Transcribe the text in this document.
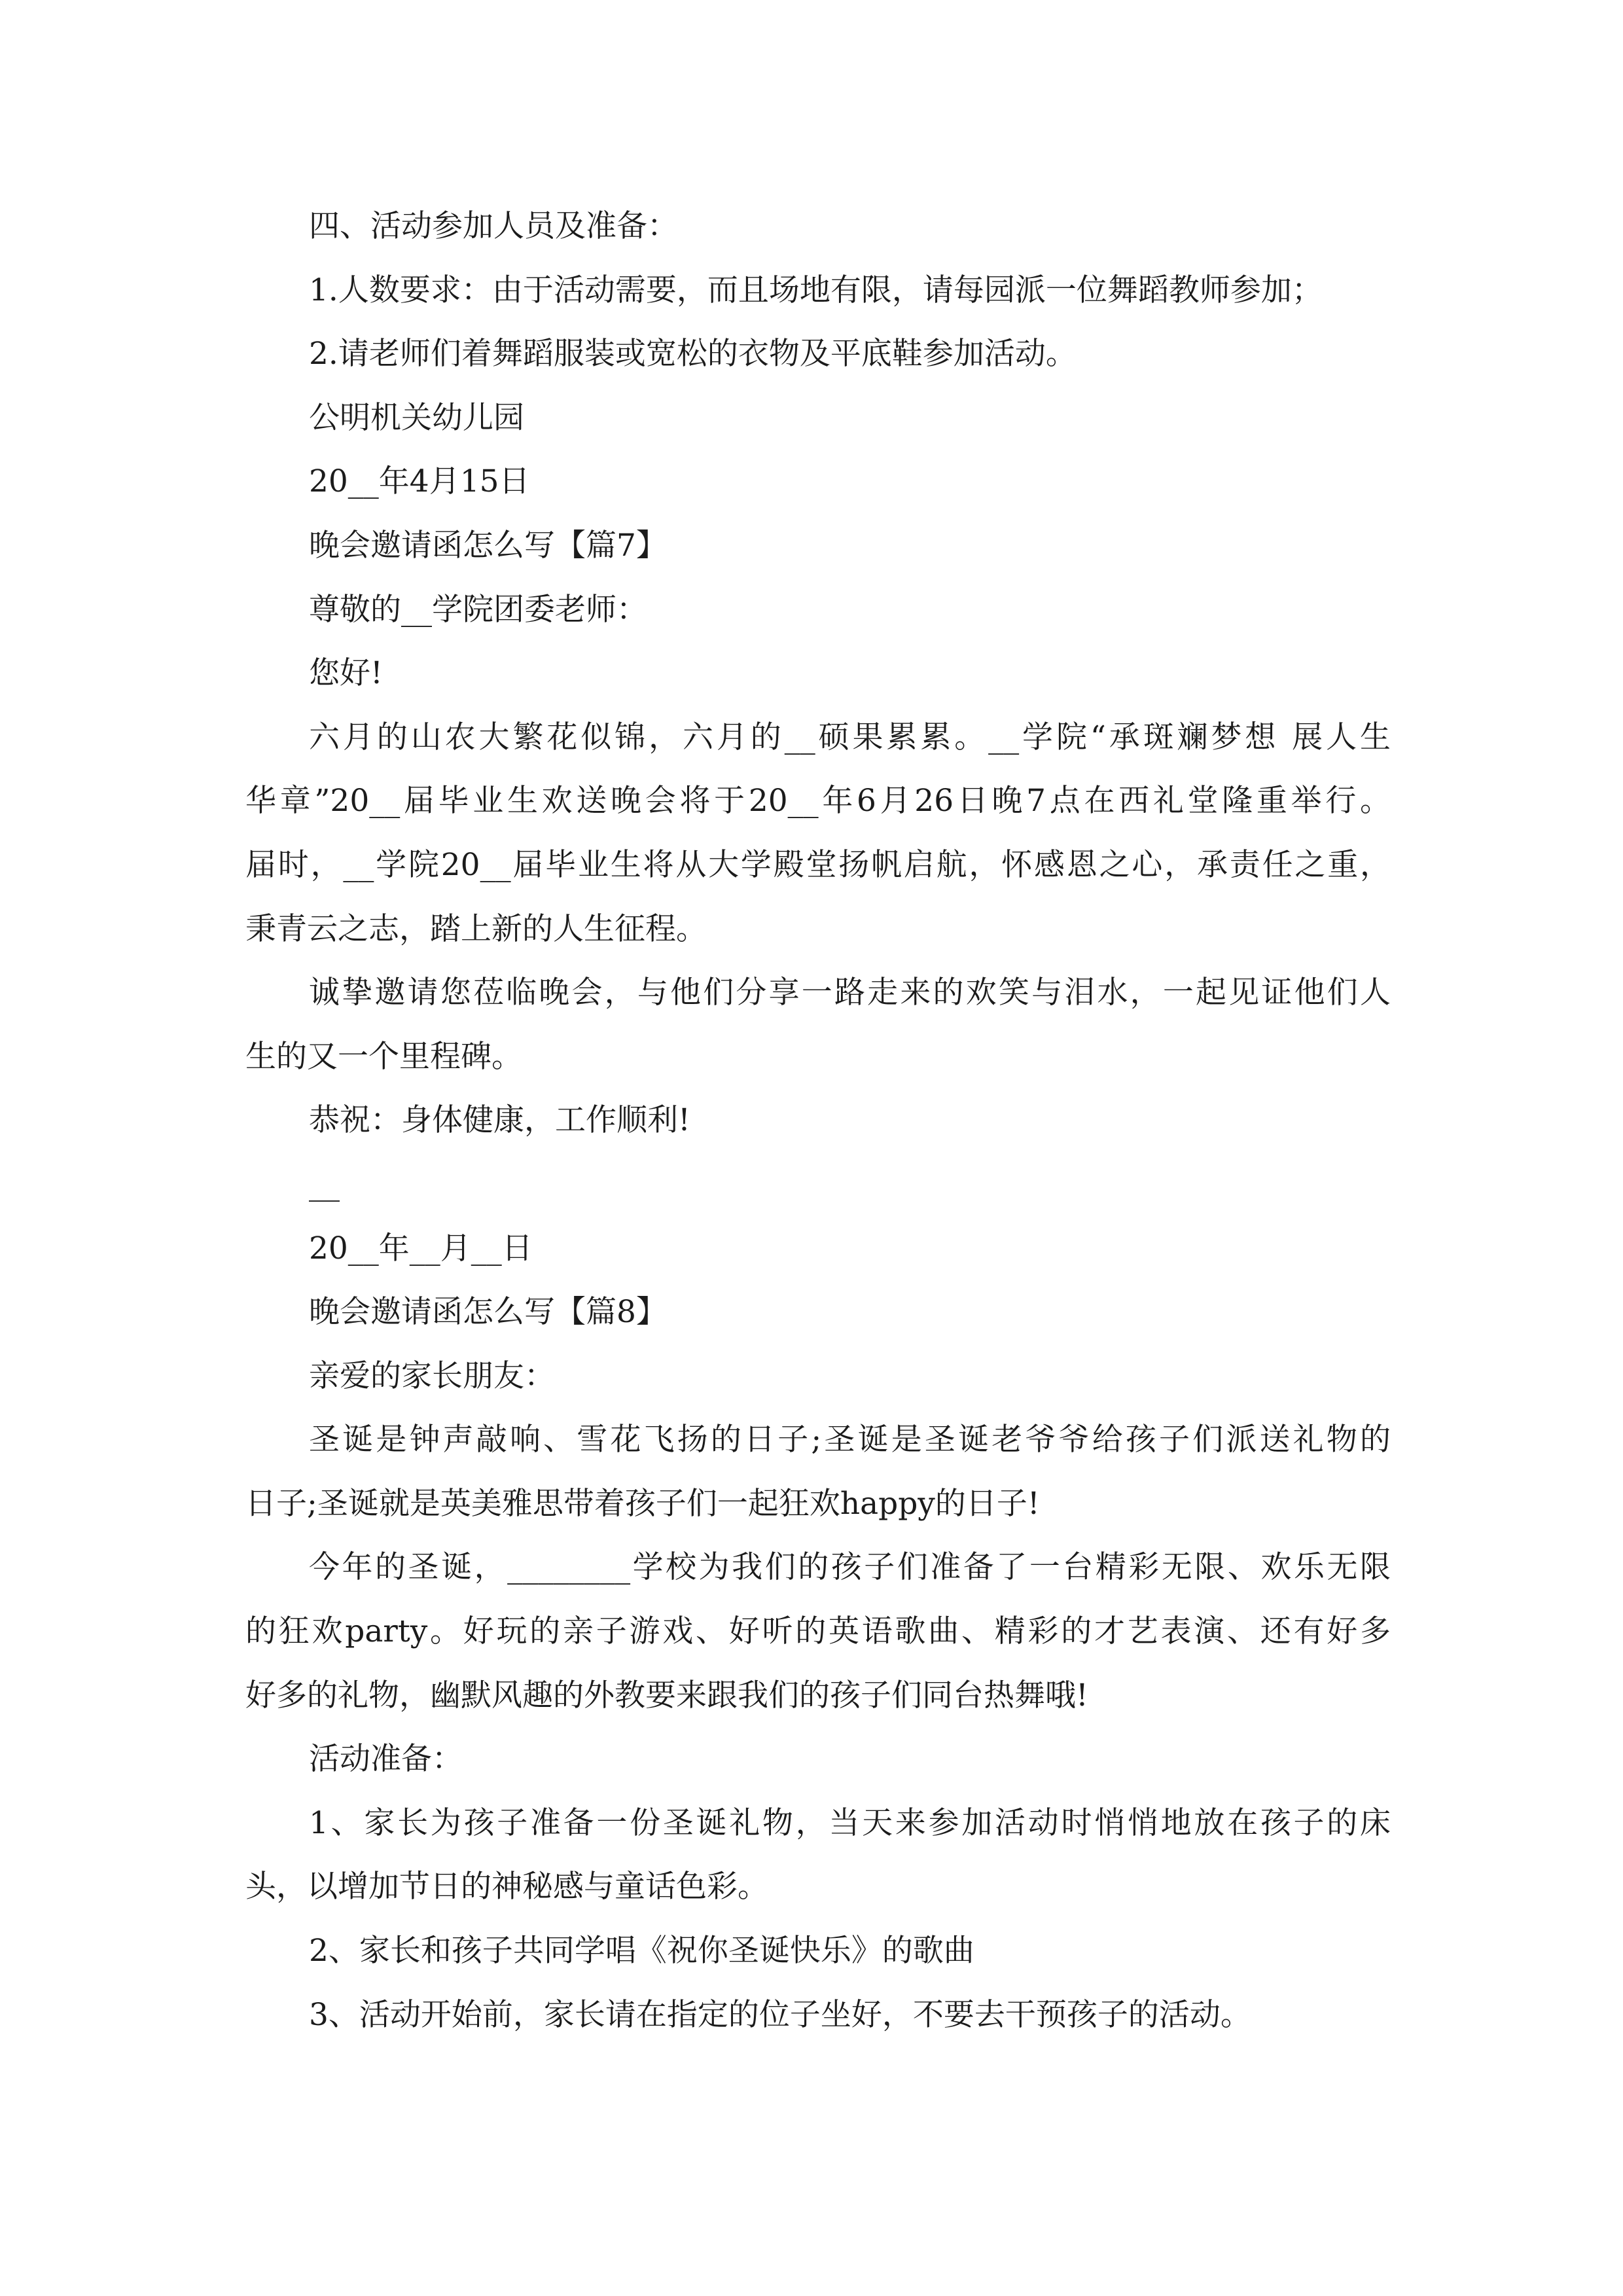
四、活动参加人员及准备：
1.人数要求：由于活动需要，而且场地有限，请每园派一位舞蹈教师参加；
2.请老师们着舞蹈服装或宽松的衣物及平底鞋参加活动。
公明机关幼儿园
20__年4月15日
晚会邀请函怎么写【篇7】
尊敬的__学院团委老师：
您好!
六月的山农大繁花似锦，六月的__硕果累累。__学院“承斑斓梦想 展人生
华章”20__届毕业生欢送晚会将于20__年6月26日晚7点在西礼堂隆重举行。
届时，__学院20__届毕业生将从大学殿堂扬帆启航，怀感恩之心，承责任之重，
秉青云之志，踏上新的人生征程。
诚挚邀请您莅临晚会，与他们分享一路走来的欢笑与泪水，一起见证他们人
生的又一个里程碑。
恭祝：身体健康，工作顺利!
__
20__年__月__日
晚会邀请函怎么写【篇8】
亲爱的家长朋友：
圣诞是钟声敲响、雪花飞扬的日子;圣诞是圣诞老爷爷给孩子们派送礼物的
日子;圣诞就是英美雅思带着孩子们一起狂欢happy的日子!
今年的圣诞，________学校为我们的孩子们准备了一台精彩无限、欢乐无限
的狂欢party。好玩的亲子游戏、好听的英语歌曲、精彩的才艺表演、还有好多
好多的礼物，幽默风趣的外教要来跟我们的孩子们同台热舞哦!
活动准备：
1、家长为孩子准备一份圣诞礼物，当天来参加活动时悄悄地放在孩子的床
头，以增加节日的神秘感与童话色彩。
2、家长和孩子共同学唱《祝你圣诞快乐》的歌曲
3、活动开始前，家长请在指定的位子坐好，不要去干预孩子的活动。
